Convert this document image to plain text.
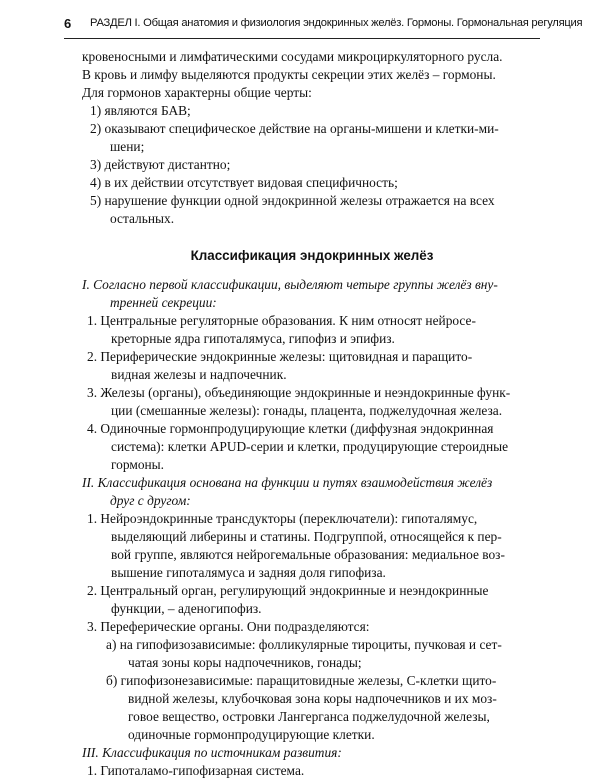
6 РАЗДЕЛ I. Общая анатомия и физиология эндокринных желёз. Гормоны. Гормональная регуляция
кровеносными и лимфатическими сосудами микроциркуляторного русла.
В кровь и лимфу выделяются продукты секреции этих желёз – гормоны.
Для гормонов характерны общие черты:
1) являются БАВ;
2) оказывают специфическое действие на органы-мишени и клетки-ми-
шени;
3) действуют дистантно;
4) в их действии отсутствует видовая специфичность;
5) нарушение функции одной эндокринной железы отражается на всех
остальных.
Классификация эндокринных желёз
I. Согласно первой классификации, выделяют четыре группы желёз вну-
тренней секреции:
1. Центральные регуляторные образования. К ним относят нейросе-
креторные ядра гипоталямуса, гипофиз и эпифиз.
2. Периферические эндокринные железы: щитовидная и паращито-
видная железы и надпочечник.
3. Железы (органы), объединяющие эндокринные и неэндокринные функ-
ции (смешанные железы): гонады, плацента, поджелудочная железа.
4. Одиночные гормонпродуцирующие клетки (диффузная эндокринная
система): клетки APUD-серии и клетки, продуцирующие стероидные
гормоны.
II. Классификация основана на функции и путях взаимодействия желёз
друг с другом:
1. Нейроэндокринные трансдукторы (переключатели): гипоталямус,
выделяющий либерины и статины. Подгруппой, относящейся к пер-
вой группе, являются нейрогемальные образования: медиальное воз-
вышение гипоталямуса и задняя доля гипофиза.
2. Центральный орган, регулирующий эндокринные и неэндокринные
функции, – аденогипофиз.
3. Переферические органы. Они подразделяются:
а) на гипофизозависимые: фолликулярные тироциты, пучковая и сет-
чатая зоны коры надпочечников, гонады;
б) гипофизонезависимые: паращитовидные железы, С-клетки щито-
видной железы, клубочковая зона коры надпочечников и их моз-
говое вещество, островки Лангерганса поджелудочной железы,
одиночные гормонпродуцирующие клетки.
III. Классификация по источникам развития:
1. Гипоталамо-гипофизарная система.
